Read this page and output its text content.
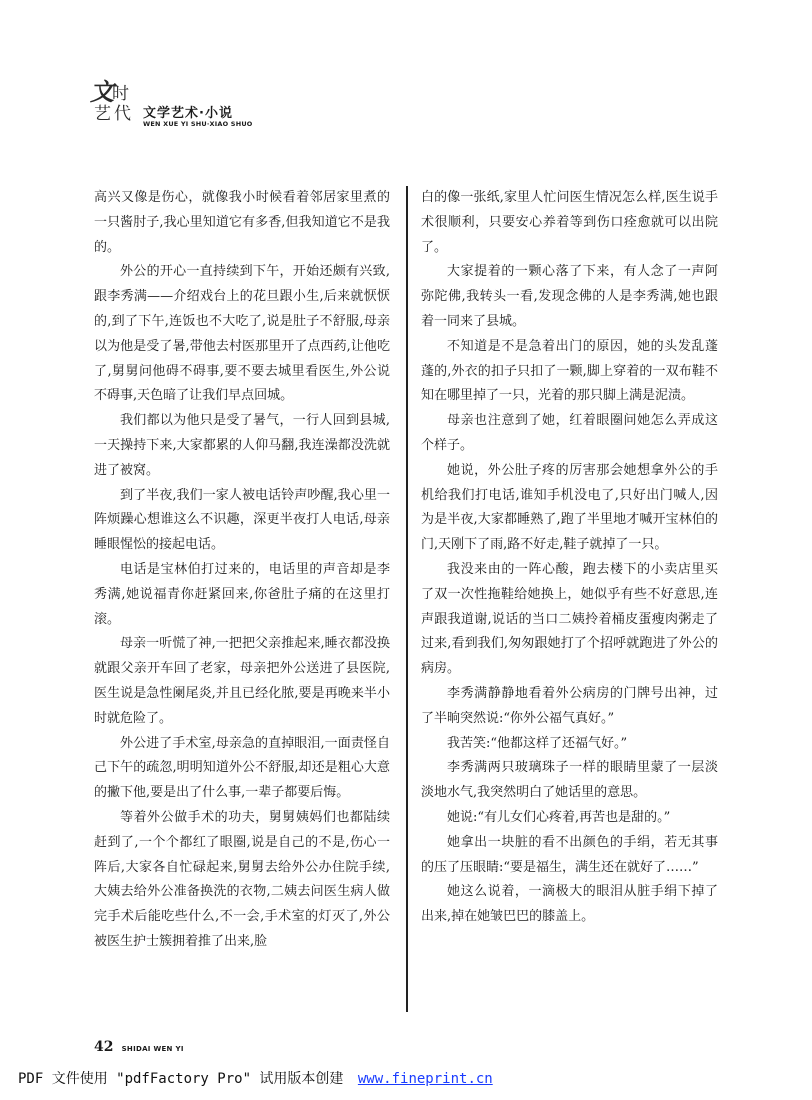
文
时
艺 代 文学艺术·小说
WEN XUE YI SHU·XIAO SHUO

高兴又像是伤心，就像我小时候看着邻居家里煮的一只酱肘子,我心里知道它有多香,但我知道它不是我的。

外公的开心一直持续到下午，开始还颇有兴致,跟李秀满——介绍戏台上的花旦跟小生,后来就恹恹的,到了下午,连饭也不大吃了,说是肚子不舒服,母亲以为他是受了暑,带他去村医那里开了点西药,让他吃了,舅舅问他碍不碍事,要不要去城里看医生,外公说不碍事,天色暗了让我们早点回城。

我们都以为他只是受了暑气，一行人回到县城,一天操持下来,大家都累的人仰马翻,我连澡都没洗就进了被窝。

到了半夜,我们一家人被电话铃声吵醒,我心里一阵烦躁心想谁这么不识趣，深更半夜打人电话,母亲睡眼惺忪的接起电话。

电话是宝林伯打过来的，电话里的声音却是李秀满,她说福青你赶紧回来,你爸肚子痛的在这里打滚。

母亲一听慌了神,一把把父亲推起来,睡衣都没换就跟父亲开车回了老家，母亲把外公送进了县医院,医生说是急性阑尾炎,并且已经化脓,要是再晚来半小时就危险了。

外公进了手术室,母亲急的直掉眼泪,一面责怪自己下午的疏忽,明明知道外公不舒服,却还是粗心大意的撇下他,要是出了什么事,一辈子都要后悔。

等着外公做手术的功夫，舅舅姨妈们也都陆续赶到了,一个个都红了眼圈,说是自己的不是,伤心一阵后,大家各自忙碌起来,舅舅去给外公办住院手续,大姨去给外公准备换洗的衣物,二姨去问医生病人做完手术后能吃些什么,不一会,手术室的灯灭了,外公被医生护士簇拥着推了出来,脸

白的像一张纸,家里人忙问医生情况怎么样,医生说手术很顺利，只要安心养着等到伤口痊愈就可以出院了。

大家提着的一颗心落了下来，有人念了一声阿弥陀佛,我转头一看,发现念佛的人是李秀满,她也跟着一同来了县城。

不知道是不是急着出门的原因，她的头发乱蓬蓬的,外衣的扣子只扣了一颗,脚上穿着的一双布鞋不知在哪里掉了一只，光着的那只脚上满是泥渍。

母亲也注意到了她，红着眼圈问她怎么弄成这个样子。

她说，外公肚子疼的厉害那会她想拿外公的手机给我们打电话,谁知手机没电了,只好出门喊人,因为是半夜,大家都睡熟了,跑了半里地才喊开宝林伯的门,天刚下了雨,路不好走,鞋子就掉了一只。

我没来由的一阵心酸，跑去楼下的小卖店里买了双一次性拖鞋给她换上，她似乎有些不好意思,连声跟我道谢,说话的当口二姨拎着桶皮蛋瘦肉粥走了过来,看到我们,匆匆跟她打了个招呼就跑进了外公的病房。

李秀满静静地看着外公病房的门牌号出神，过了半晌突然说:“你外公福气真好。”

我苦笑:“他都这样了还福气好。”

李秀满两只玻璃珠子一样的眼睛里蒙了一层淡淡地水气,我突然明白了她话里的意思。

她说:“有儿女们心疼着,再苦也是甜的。”

她拿出一块脏的看不出颜色的手绢，若无其事的压了压眼睛:“要是福生，满生还在就好了……”

她这么说着，一滴极大的眼泪从脏手绢下掉了出来,掉在她皱巴巴的膝盖上。

42 SHIDAI WEN YI
PDF 文件使用 "pdfFactory Pro" 试用版本创建 www.fineprint.cn
